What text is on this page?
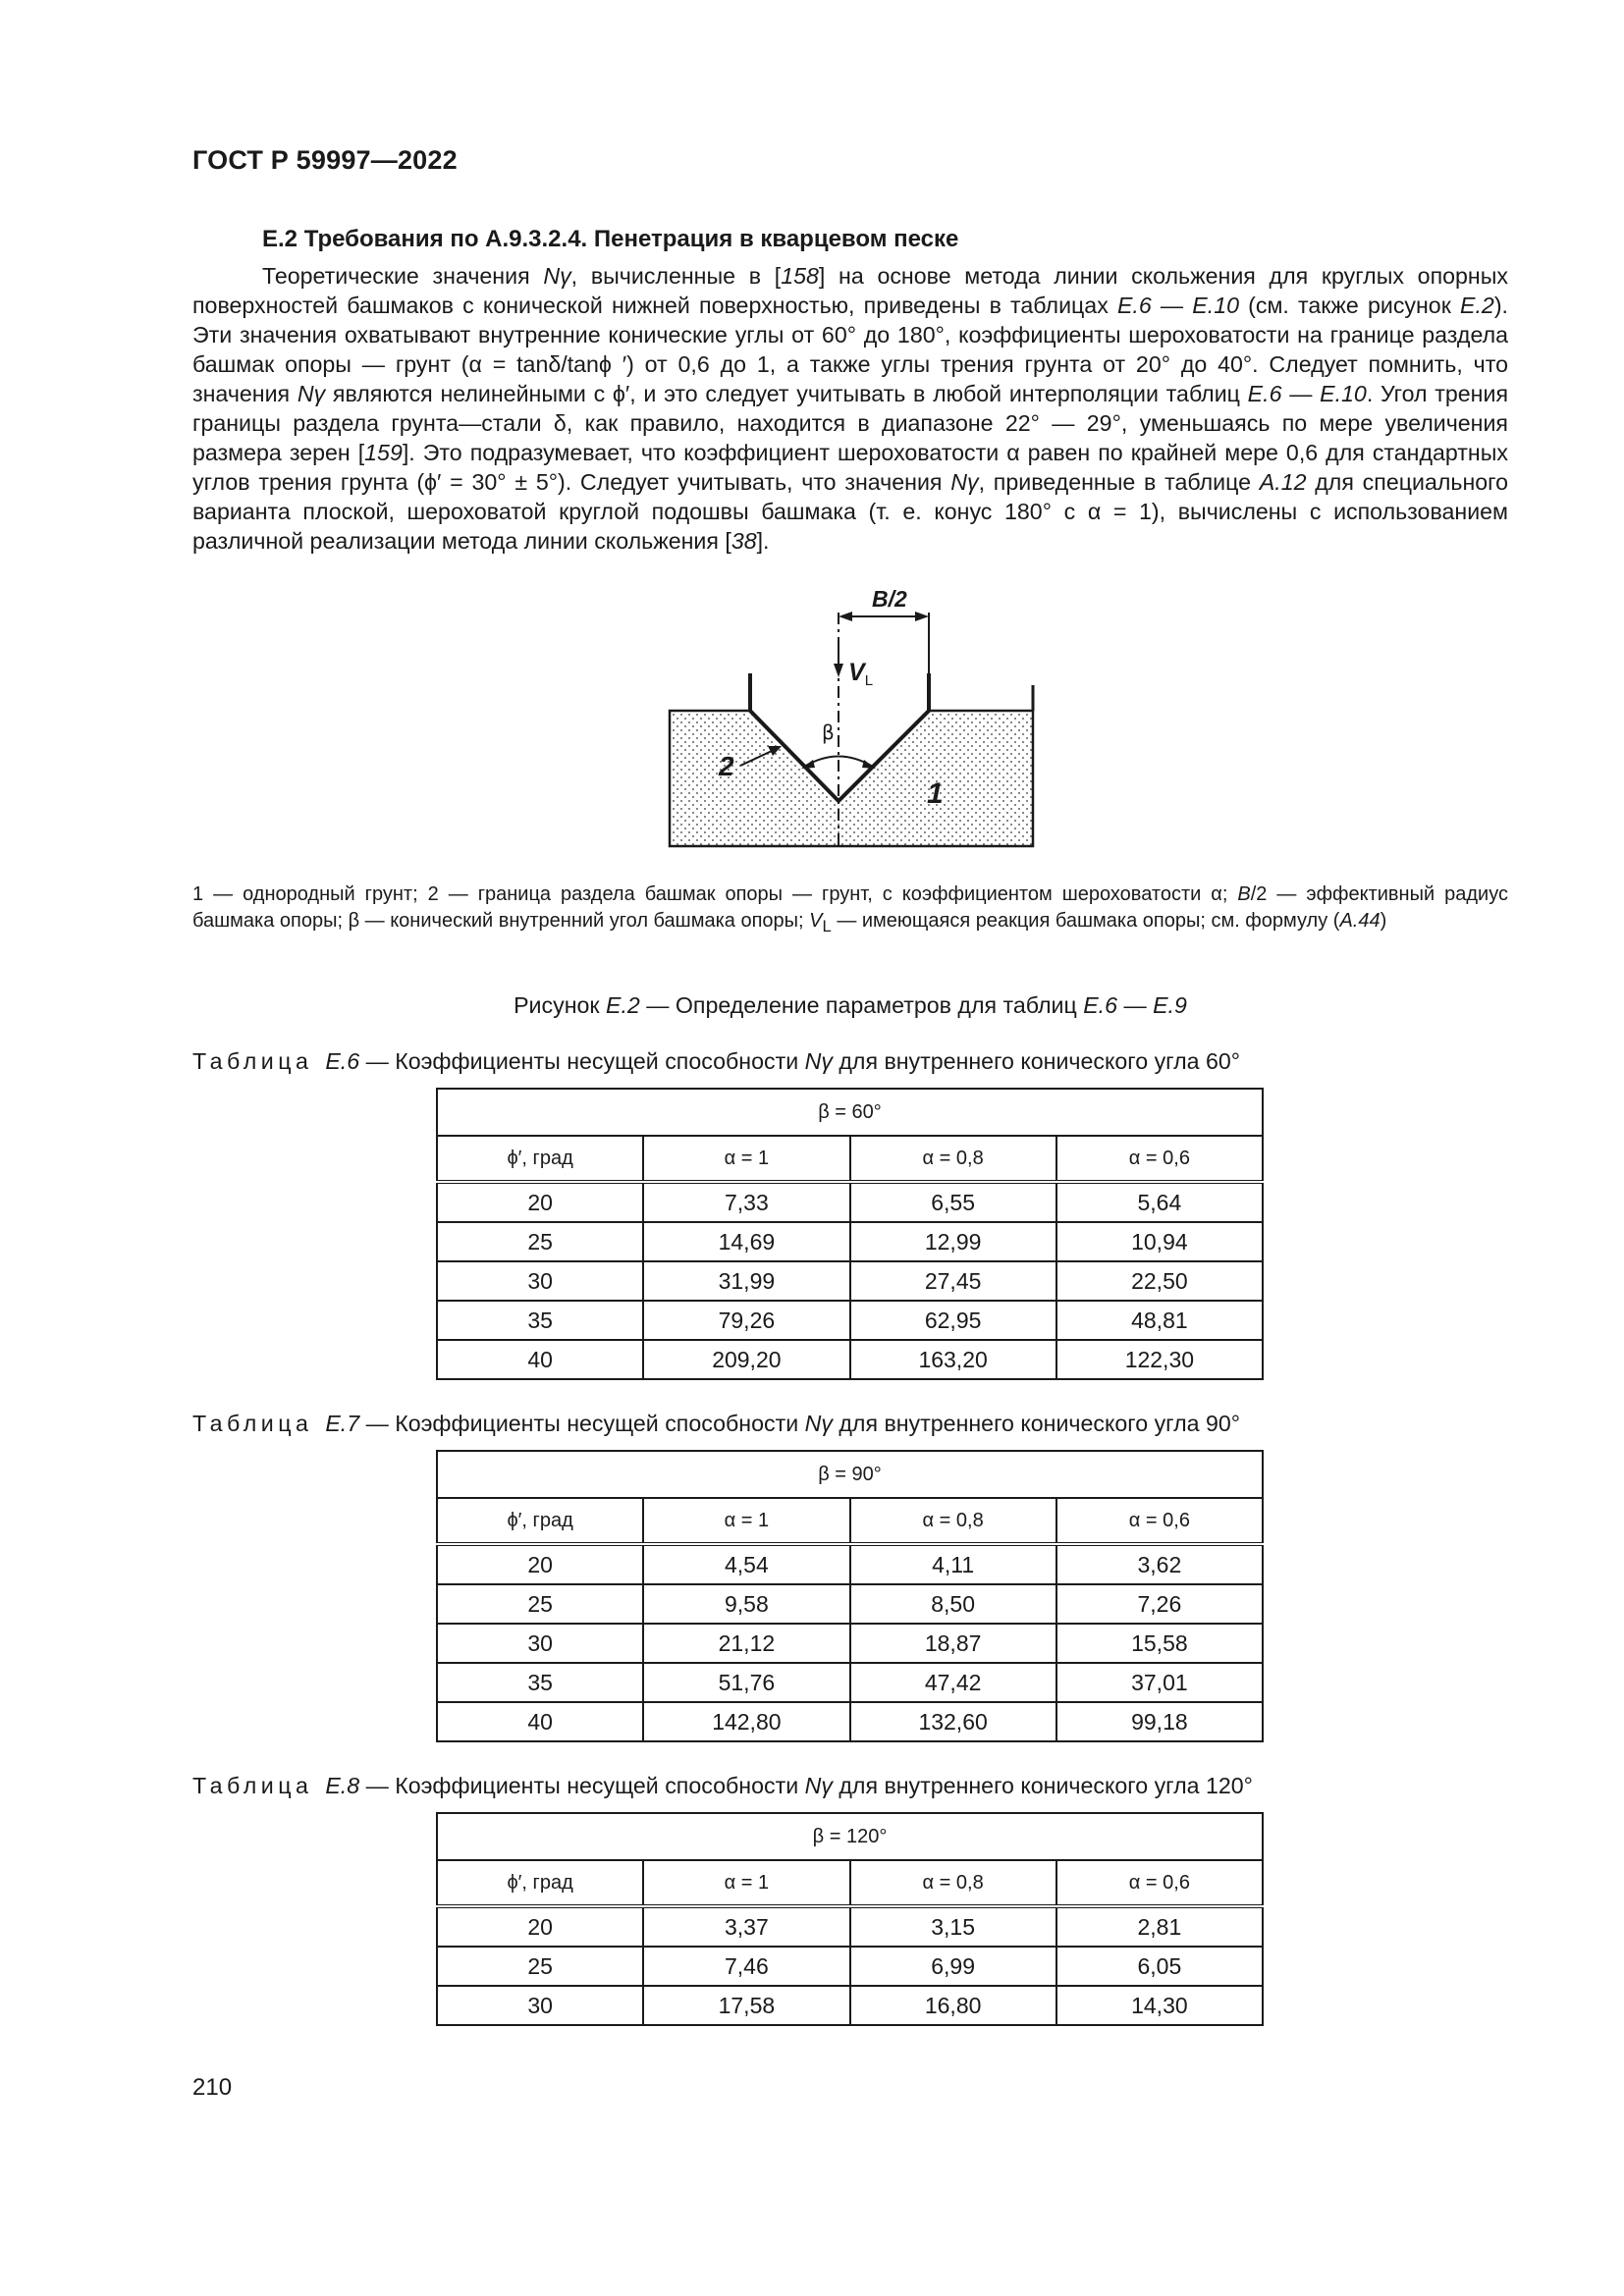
ГОСТ Р 59997—2022
Е.2 Требования по А.9.3.2.4. Пенетрация в кварцевом песке

Теоретические значения Nγ, вычисленные в [158] на основе метода линии скольжения для круглых опорных поверхностей башмаков с конической нижней поверхностью, приведены в таблицах Е.6 — Е.10 (см. также рисунок Е.2). Эти значения охватывают внутренние конические углы от 60° до 180°, коэффициенты шероховатости на границе раздела башмак опоры — грунт (α = tanδ/tanϕ ′) от 0,6 до 1, а также углы трения грунта от 20° до 40°. Следует помнить, что значения Nγ являются нелинейными с ϕ′, и это следует учитывать в любой интерполяции таблиц Е.6 — Е.10. Угол трения границы раздела грунта—стали δ, как правило, находится в диапазоне 22° — 29°, уменьшаясь по мере увеличения размера зерен [159]. Это подразумевает, что коэффициент шероховатости α равен по крайней мере 0,6 для стандартных углов трения грунта (ϕ′ = 30° ± 5°). Следует учитывать, что значения Nγ, приведенные в таблице А.12 для специального варианта плоской, шероховатой круглой подошвы башмака (т. е. конус 180° с α = 1), вычислены с использованием различной реализации метода линии скольжения [38].

B/2
$V_L$
β
2
1
1 — однородный грунт; 2 — граница раздела башмак опоры — грунт, с коэффициентом шероховатости α; B/2 — эффективный радиус башмака опоры; β — конический внутренний угол башмака опоры; $V_L$ — имеющаяся реакция башмака опоры; см. формулу (А.44)
Рисунок Е.2 — Определение параметров для таблиц Е.6 — Е.9
Таблица Е.6 — Коэффициенты несущей способности Nγ для внутреннего конического угла 60°
β = 60°			
ϕ′, град	α = 1	α = 0,8	α = 0,6
20	7,33	6,55	5,64
25	14,69	12,99	10,94
30	31,99	27,45	22,50
35	79,26	62,95	48,81
40	209,20	163,20	122,30
Таблица Е.7 — Коэффициенты несущей способности Nγ для внутреннего конического угла 90°
β = 90°			
ϕ′, град	α = 1	α = 0,8	α = 0,6
20	4,54	4,11	3,62
25	9,58	8,50	7,26
30	21,12	18,87	15,58
35	51,76	47,42	37,01
40	142,80	132,60	99,18
Таблица Е.8 — Коэффициенты несущей способности Nγ для внутреннего конического угла 120°
β = 120°			
ϕ′, град	α = 1	α = 0,8	α = 0,6
20	3,37	3,15	2,81
25	7,46	6,99	6,05
30	17,58	16,80	14,30
210
